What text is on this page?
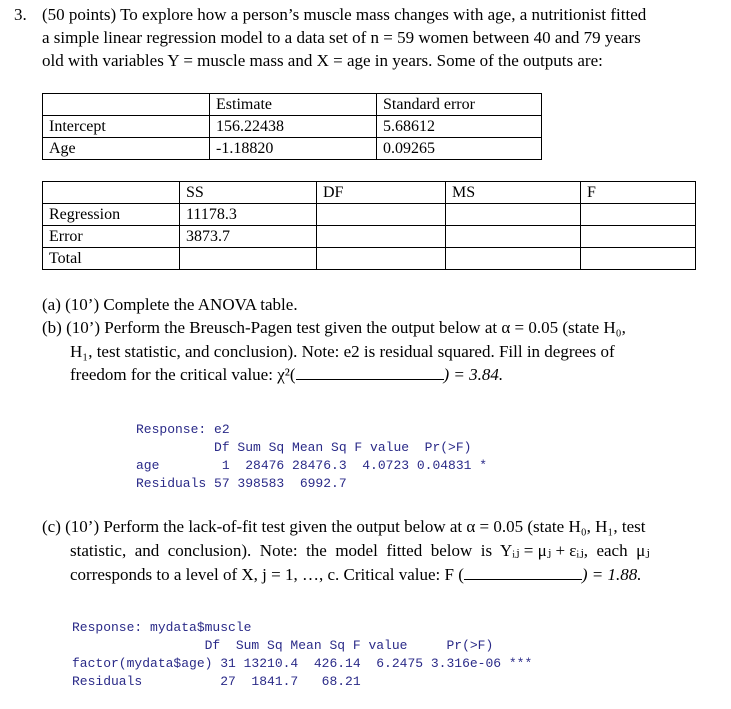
3. (50 points) To explore how a person’s muscle mass changes with age, a nutritionist fitted
a simple linear regression model to a data set of n = 59 women between 40 and 79 years
old with variables Y = muscle mass and X = age in years. Some of the outputs are:
	Estimate	Standard error
Intercept	156.22438	5.68612
Age	-1.18820	0.09265
	SS	DF	MS	F
Regression	11178.3			
Error	3873.7			
Total				
(a) (10’) Complete the ANOVA table.
(b) (10’) Perform the Breusch-Pagen test given the output below at α = 0.05 (state H₀,
H₁, test statistic, and conclusion). Note: e2 is residual squared. Fill in degrees of
freedom for the critical value: χ²(	) = 3.84.

Response: e2
Df Sum Sq Mean Sq F value  Pr(>F)
age        1  28476 28476.3  4.0723 0.04831 *
Residuals 57 398583  6992.7

(c) (10’) Perform the lack-of-fit test given the output below at α = 0.05 (state H₀, H₁, test
statistic,  and  conclusion).  Note:  the  model  fitted  below  is  Yᵢⱼ = μⱼ + εᵢⱼ,  each  μⱼ
corresponds to a level of X, j = 1, …, c. Critical value: F (	) = 1.88.

Response: mydata$muscle
Df  Sum Sq Mean Sq F value     Pr(>F)
factor(mydata$age) 31 13210.4  426.14  6.2475 3.316e-06 ***
Residuals          27  1841.7   68.21
